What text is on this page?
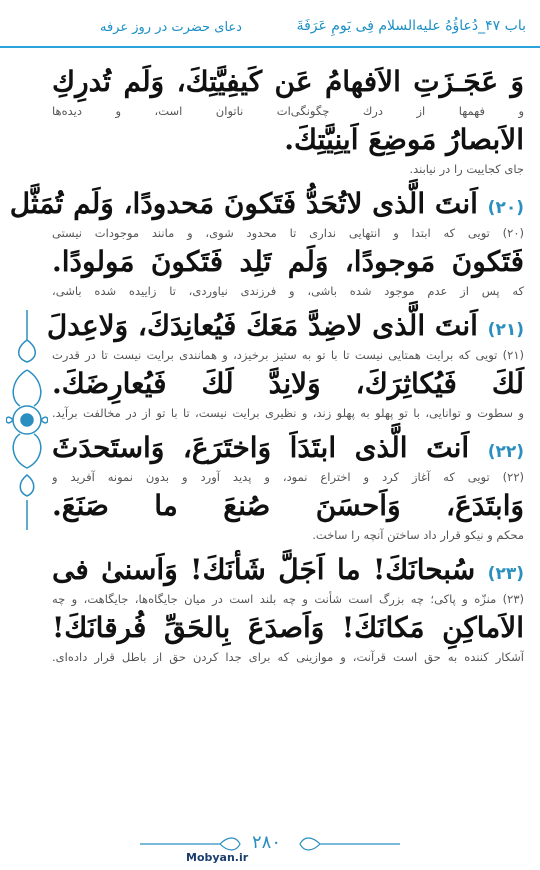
باب ۴۷_دُعاؤُهُ علیه‌السلام فِی یَومِ عَرَفَةَ
دعای حضرت در روز عرفه
وَ عَجَـزَتِ الاَفهامُ عَن كَيفِيَّتِكَ، وَلَم تُدرِكِ
و فهمها از درك چگونگی‌ات ناتوان است، و ديده‌ها
الاَبصارُ مَوضِعَ اَينِيَّتِكَ.
جای كجاييت را در نيابند.
(۲۰) اَنتَ الَّذی لاتُحَدُّ فَتَكونَ مَحدودًا، وَلَم تُمَثَّل
(۲۰) تويی كه ابتدا و انتهايی نداری تا محدود شوی، و مانند موجودات نيستی
فَتَكونَ مَوجودًا، وَلَم تَلِد فَتَكونَ مَولودًا.
كه پس از عدم موجود شده باشی، و فرزندی نياوردی، تا زاييده شده باشی،
(۲۱) اَنتَ الَّذی لاضِدَّ مَعَكَ فَيُعانِدَكَ، وَلاعِدلَ
(۲۱) تويی كه برايت همتايی نيست تا با تو به ستيز برخيزد، و همانندی برايت نيست تا در قدرت
لَكَ فَيُكاثِرَكَ، وَلانِدَّ لَكَ فَيُعارِضَكَ.
و سطوت و توانايی، با تو پهلو به پهلو زند، و نظيری برايت نيست، تا با تو از در مخالفت برآيد.
(۲۲) اَنتَ الَّذی ابتَدَاَ وَاختَرَعَ، وَاستَحدَثَ
(۲۲) تويی كه آغاز كرد و اختراع نمود، و پديد آورد و بدون نمونه آفريد و
وَابتَدَعَ، وَاَحسَنَ صُنعَ ما صَنَعَ.
محكم و نيكو قرار داد ساختن آنچه را ساخت.
(۲۳) سُبحانَكَ! ما اَجَلَّ شَأنَكَ! وَاَسنیٰ فی
(۲۳) منزّه و پاکی؛ چه بزرگ است شأنت و چه بلند است در ميان جايگاه‌ها، جايگاهت، و چه
الاَماكِنِ مَكانَكَ! وَاَصدَعَ بِالحَقِّ فُرقانَكَ!
آشكار كننده به حق است قرآنت، و موازينی كه برای جدا كردن حق از باطل قرار داده‌ای.
۲۸۰
Mobyan.ir
